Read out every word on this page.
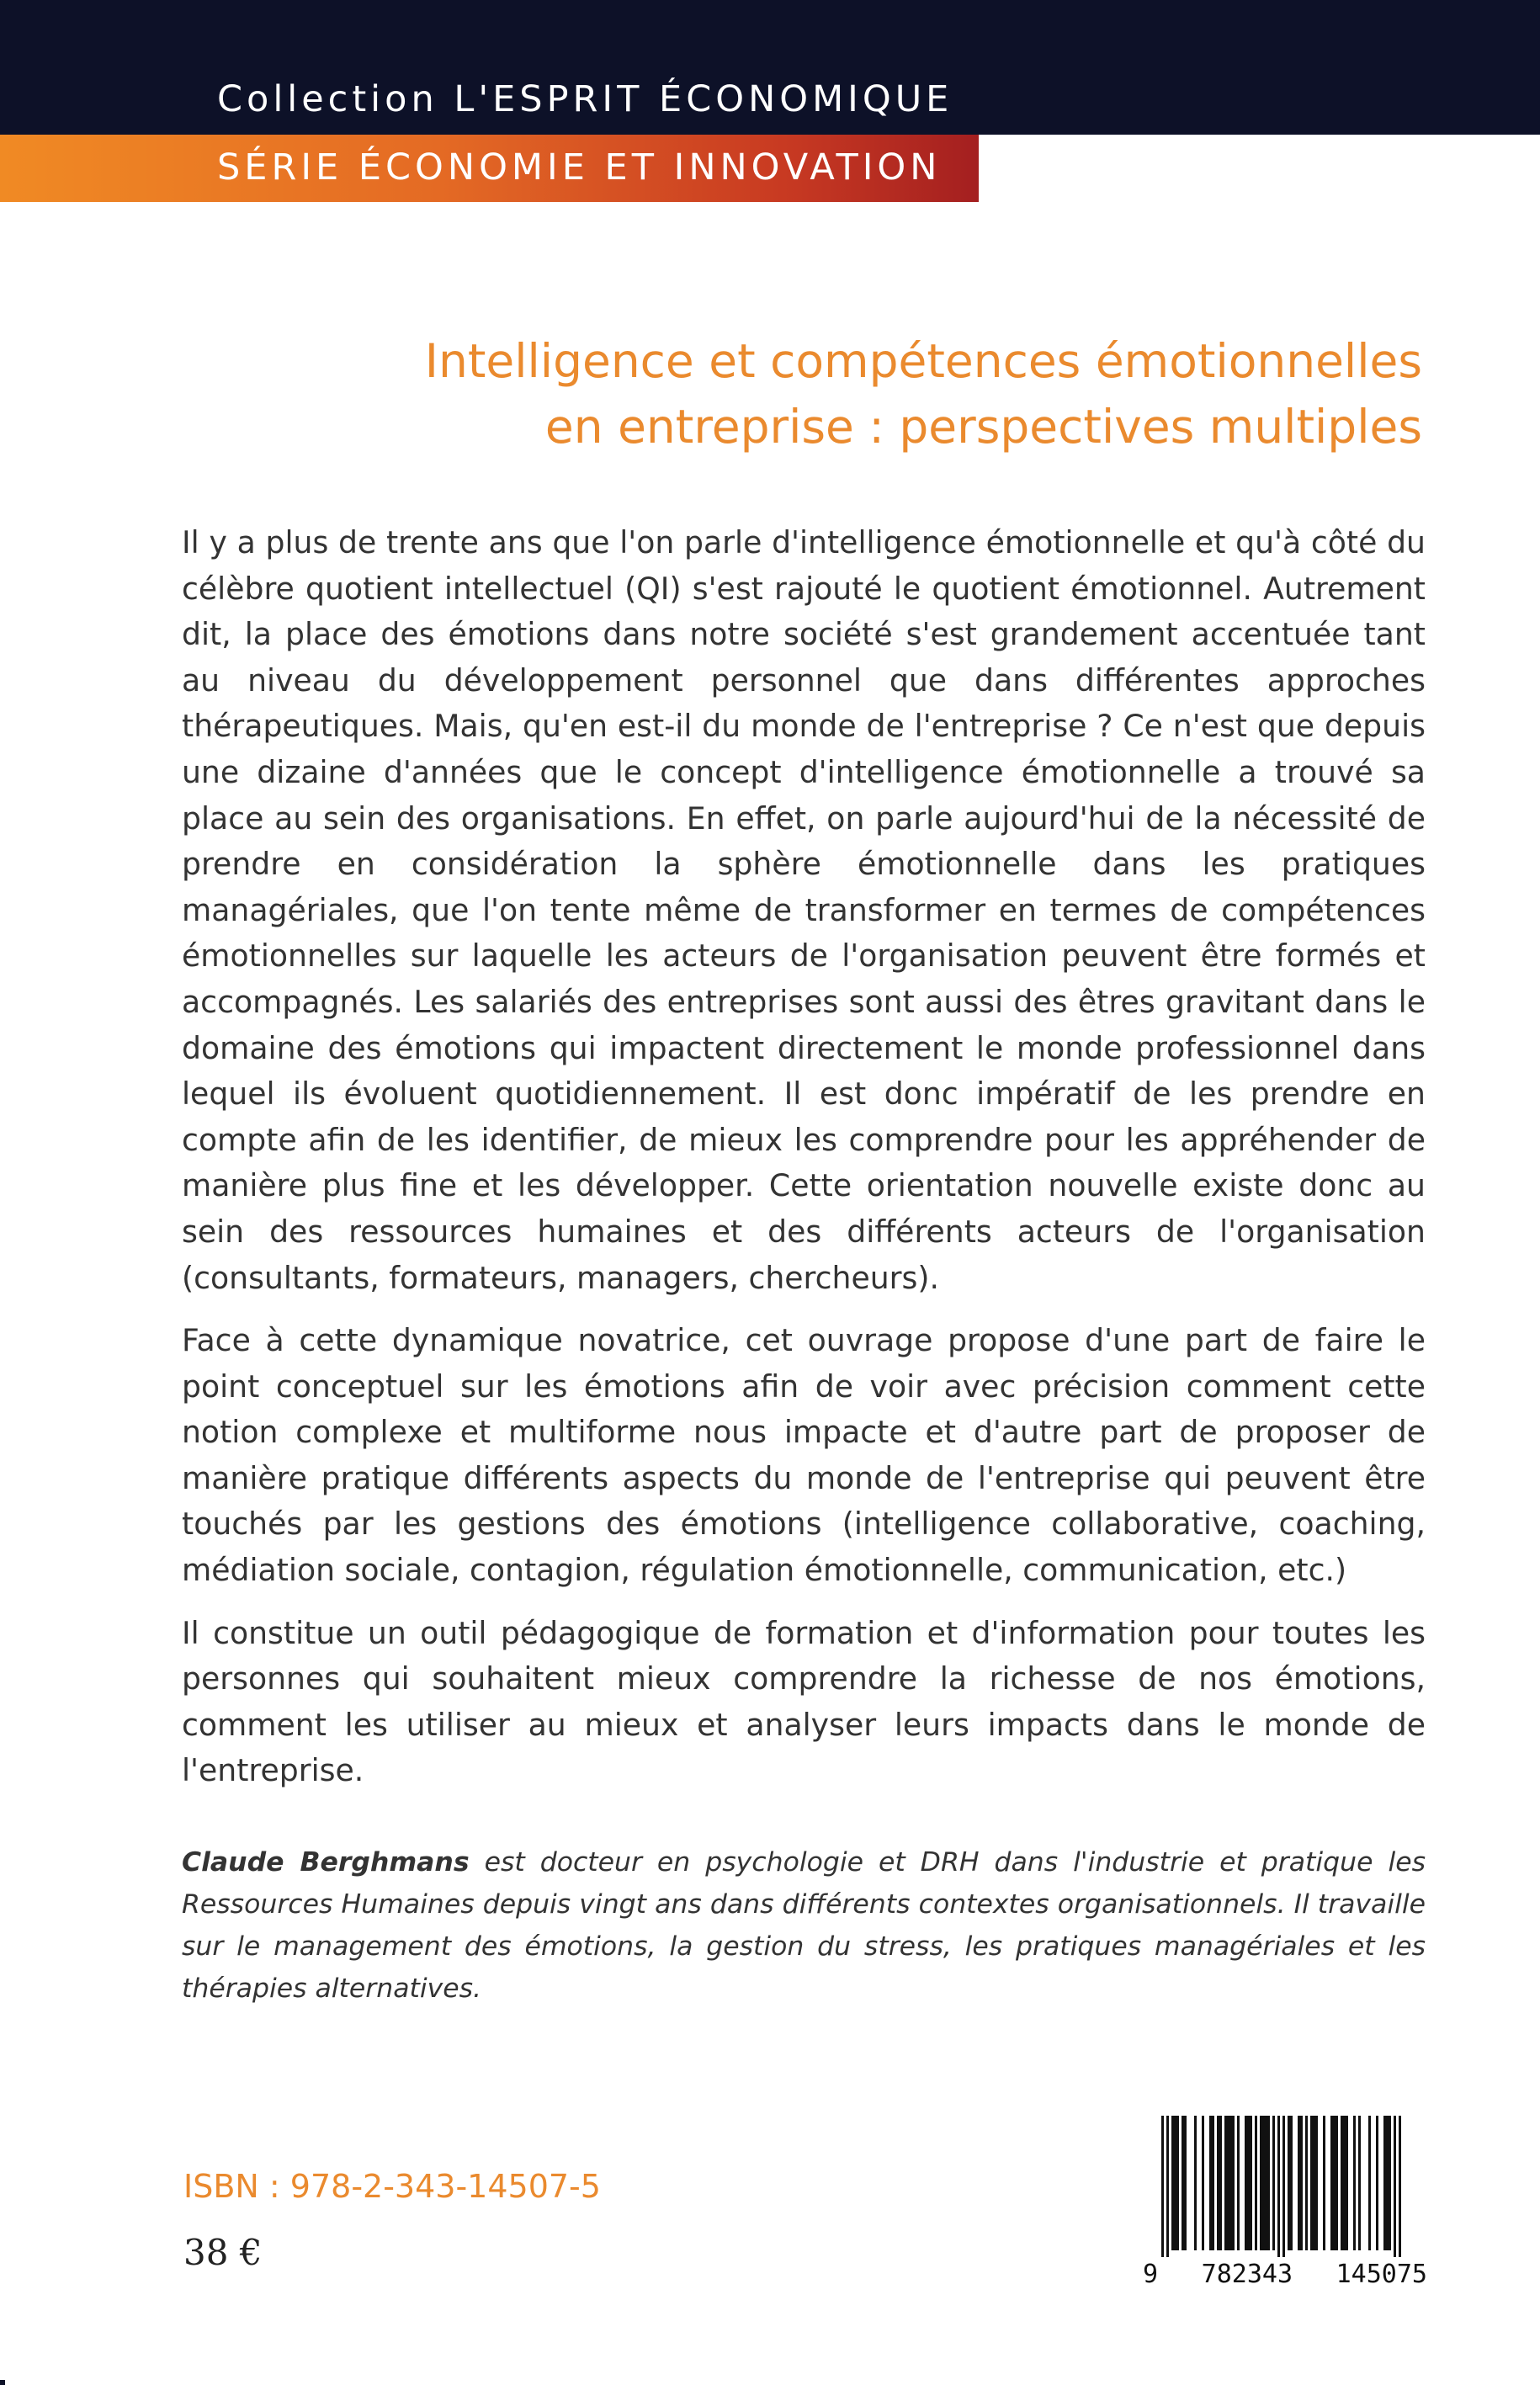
Collection L'ESPRIT ÉCONOMIQUE
SÉRIE ÉCONOMIE ET INNOVATION
Intelligence et compétences émotionnelles
en entreprise : perspectives multiples

Il y a plus de trente ans que l'on parle d'intelligence émotionnelle et qu'à côté du célèbre quotient intellectuel (QI) s'est rajouté le quotient émotionnel. Autrement dit, la place des émotions dans notre société s'est grandement accentuée tant au niveau du développement personnel que dans différentes approches thérapeutiques. Mais, qu'en est-il du monde de l'entreprise ? Ce n'est que depuis une dizaine d'années que le concept d'intelligence émotionnelle a trouvé sa place au sein des organisations. En effet, on parle aujourd'hui de la nécessité de prendre en considération la sphère émotionnelle dans les pratiques managériales, que l'on tente même de transformer en termes de compétences émotionnelles sur laquelle les acteurs de l'organisation peuvent être formés et accompagnés. Les salariés des entreprises sont aussi des êtres gravitant dans le domaine des émotions qui impactent directement le monde professionnel dans lequel ils évoluent quotidiennement. Il est donc impératif de les prendre en compte afin de les identifier, de mieux les comprendre pour les appréhender de manière plus fine et les développer. Cette orientation nouvelle existe donc au sein des ressources humaines et des différents acteurs de l'organisation (consultants, formateurs, managers, chercheurs).

Face à cette dynamique novatrice, cet ouvrage propose d'une part de faire le point conceptuel sur les émotions afin de voir avec précision comment cette notion complexe et multiforme nous impacte et d'autre part de proposer de manière pratique différents aspects du monde de l'entreprise qui peuvent être touchés par les gestions des émotions (intelligence collaborative, coaching, médiation sociale, contagion, régulation émotionnelle, communication, etc.)

Il constitue un outil pédagogique de formation et d'information pour toutes les personnes qui souhaitent mieux comprendre la richesse de nos émotions, comment les utiliser au mieux et analyser leurs impacts dans le monde de l'entreprise.

Claude Berghmans est docteur en psychologie et DRH dans l'industrie et pratique les Ressources Humaines depuis vingt ans dans différents contextes organisationnels. Il travaille sur le management des émotions, la gestion du stress, les pratiques managériales et les thérapies alternatives.
ISBN : 978-2-343-14507-5
38 €
9 782343 145075
